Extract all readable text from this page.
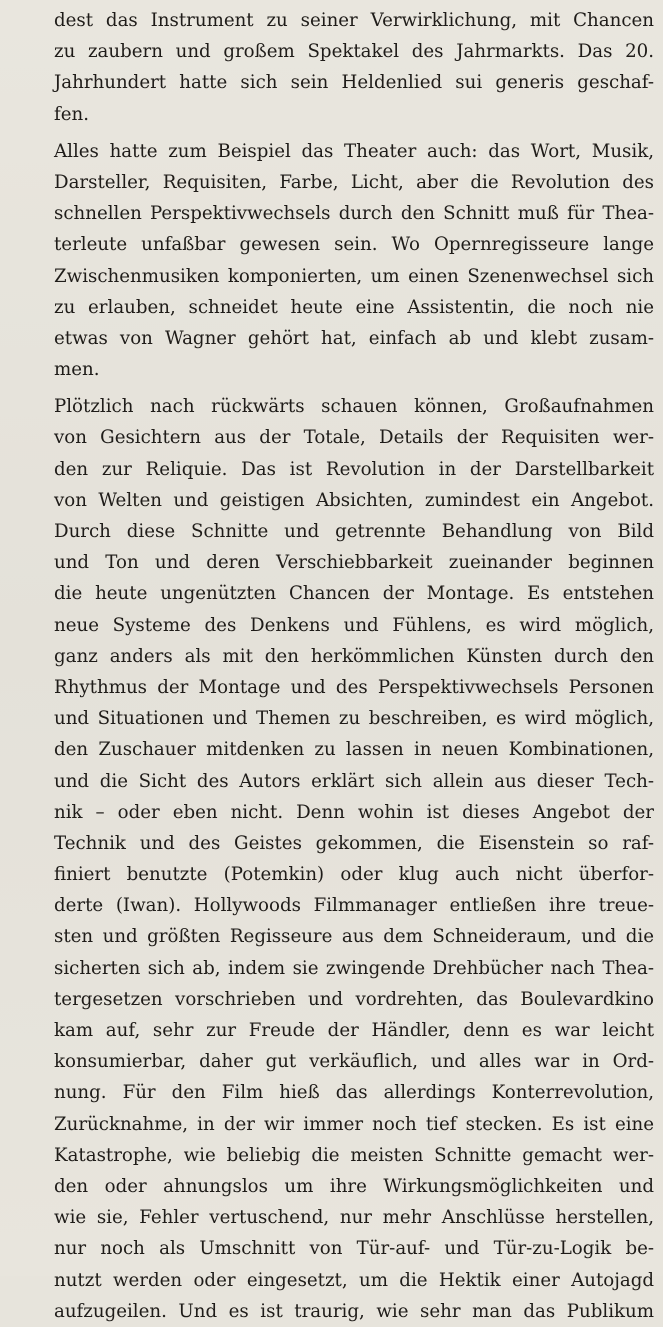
dest das Instrument zu seiner Verwirklichung, mit Chancen
zu zaubern und großem Spektakel des Jahrmarkts. Das 20.
Jahrhundert hatte sich sein Heldenlied sui generis geschaf-
fen.
Alles hatte zum Beispiel das Theater auch: das Wort, Musik,
Darsteller, Requisiten, Farbe, Licht, aber die Revolution des
schnellen Perspektivwechsels durch den Schnitt muß für Thea-
terleute unfaßbar gewesen sein. Wo Opernregisseure lange
Zwischenmusiken komponierten, um einen Szenenwechsel sich
zu erlauben, schneidet heute eine Assistentin, die noch nie
etwas von Wagner gehört hat, einfach ab und klebt zusam-
men.
Plötzlich nach rückwärts schauen können, Großaufnahmen
von Gesichtern aus der Totale, Details der Requisiten wer-
den zur Reliquie. Das ist Revolution in der Darstellbarkeit
von Welten und geistigen Absichten, zumindest ein Angebot.
Durch diese Schnitte und getrennte Behandlung von Bild
und Ton und deren Verschiebbarkeit zueinander beginnen
die heute ungenützten Chancen der Montage. Es entstehen
neue Systeme des Denkens und Fühlens, es wird möglich,
ganz anders als mit den herkömmlichen Künsten durch den
Rhythmus der Montage und des Perspektivwechsels Personen
und Situationen und Themen zu beschreiben, es wird möglich,
den Zuschauer mitdenken zu lassen in neuen Kombinationen,
und die Sicht des Autors erklärt sich allein aus dieser Tech-
nik – oder eben nicht. Denn wohin ist dieses Angebot der
Technik und des Geistes gekommen, die Eisenstein so raf-
finiert benutzte (Potemkin) oder klug auch nicht überfor-
derte (Iwan). Hollywoods Filmmanager entließen ihre treue-
sten und größten Regisseure aus dem Schneideraum, und die
sicherten sich ab, indem sie zwingende Drehbücher nach Thea-
tergesetzen vorschrieben und vordrehten, das Boulevardkino
kam auf, sehr zur Freude der Händler, denn es war leicht
konsumierbar, daher gut verkäuflich, und alles war in Ord-
nung. Für den Film hieß das allerdings Konterrevolution,
Zurücknahme, in der wir immer noch tief stecken. Es ist eine
Katastrophe, wie beliebig die meisten Schnitte gemacht wer-
den oder ahnungslos um ihre Wirkungsmöglichkeiten und
wie sie, Fehler vertuschend, nur mehr Anschlüsse herstellen,
nur noch als Umschnitt von Tür-auf- und Tür-zu-Logik be-
nutzt werden oder eingesetzt, um die Hektik einer Autojagd
aufzugeilen. Und es ist traurig, wie sehr man das Publikum
